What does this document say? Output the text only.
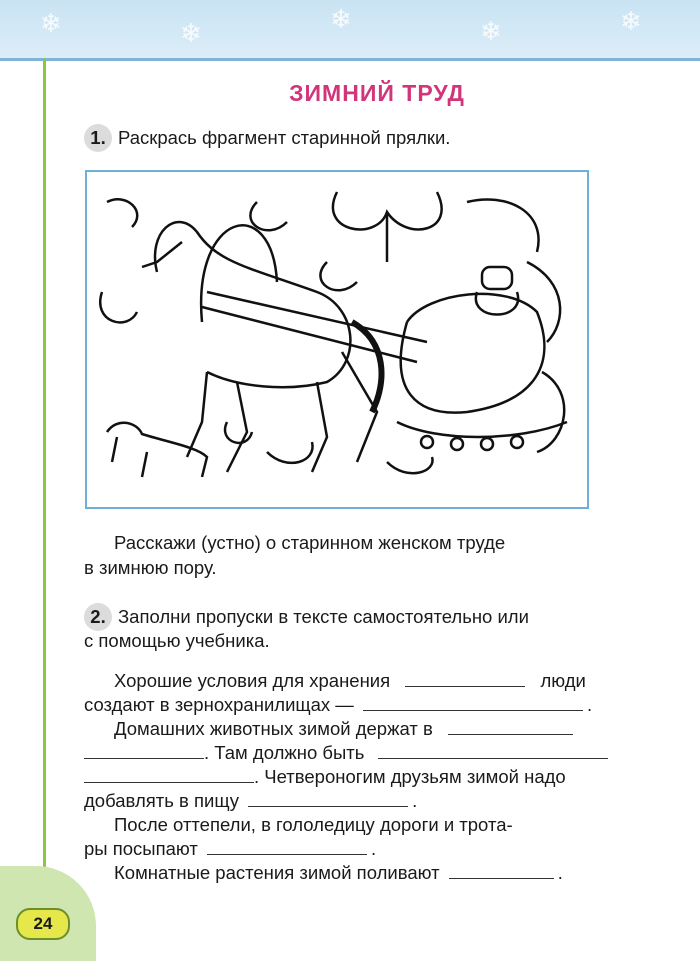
❄	❄	❄	❄	❄
24
ЗИМНИЙ ТРУД
1. Раскрась фрагмент старинной прялки.
Расскажи (устно) о старинном женском труде
в зимнюю пору.
2. Заполни пропуски в тексте самостоятельно или
с помощью учебника.
Хорошие условия для хранения	люди
создают в зернохранилищах —	.
Домашних животных зимой держат в
. Там должно быть
. Четвероногим друзьям зимой надо
добавлять в пищу	.
После оттепели, в гололедицу дороги и трота-
ры посыпают	.
Комнатные растения зимой поливают	.
